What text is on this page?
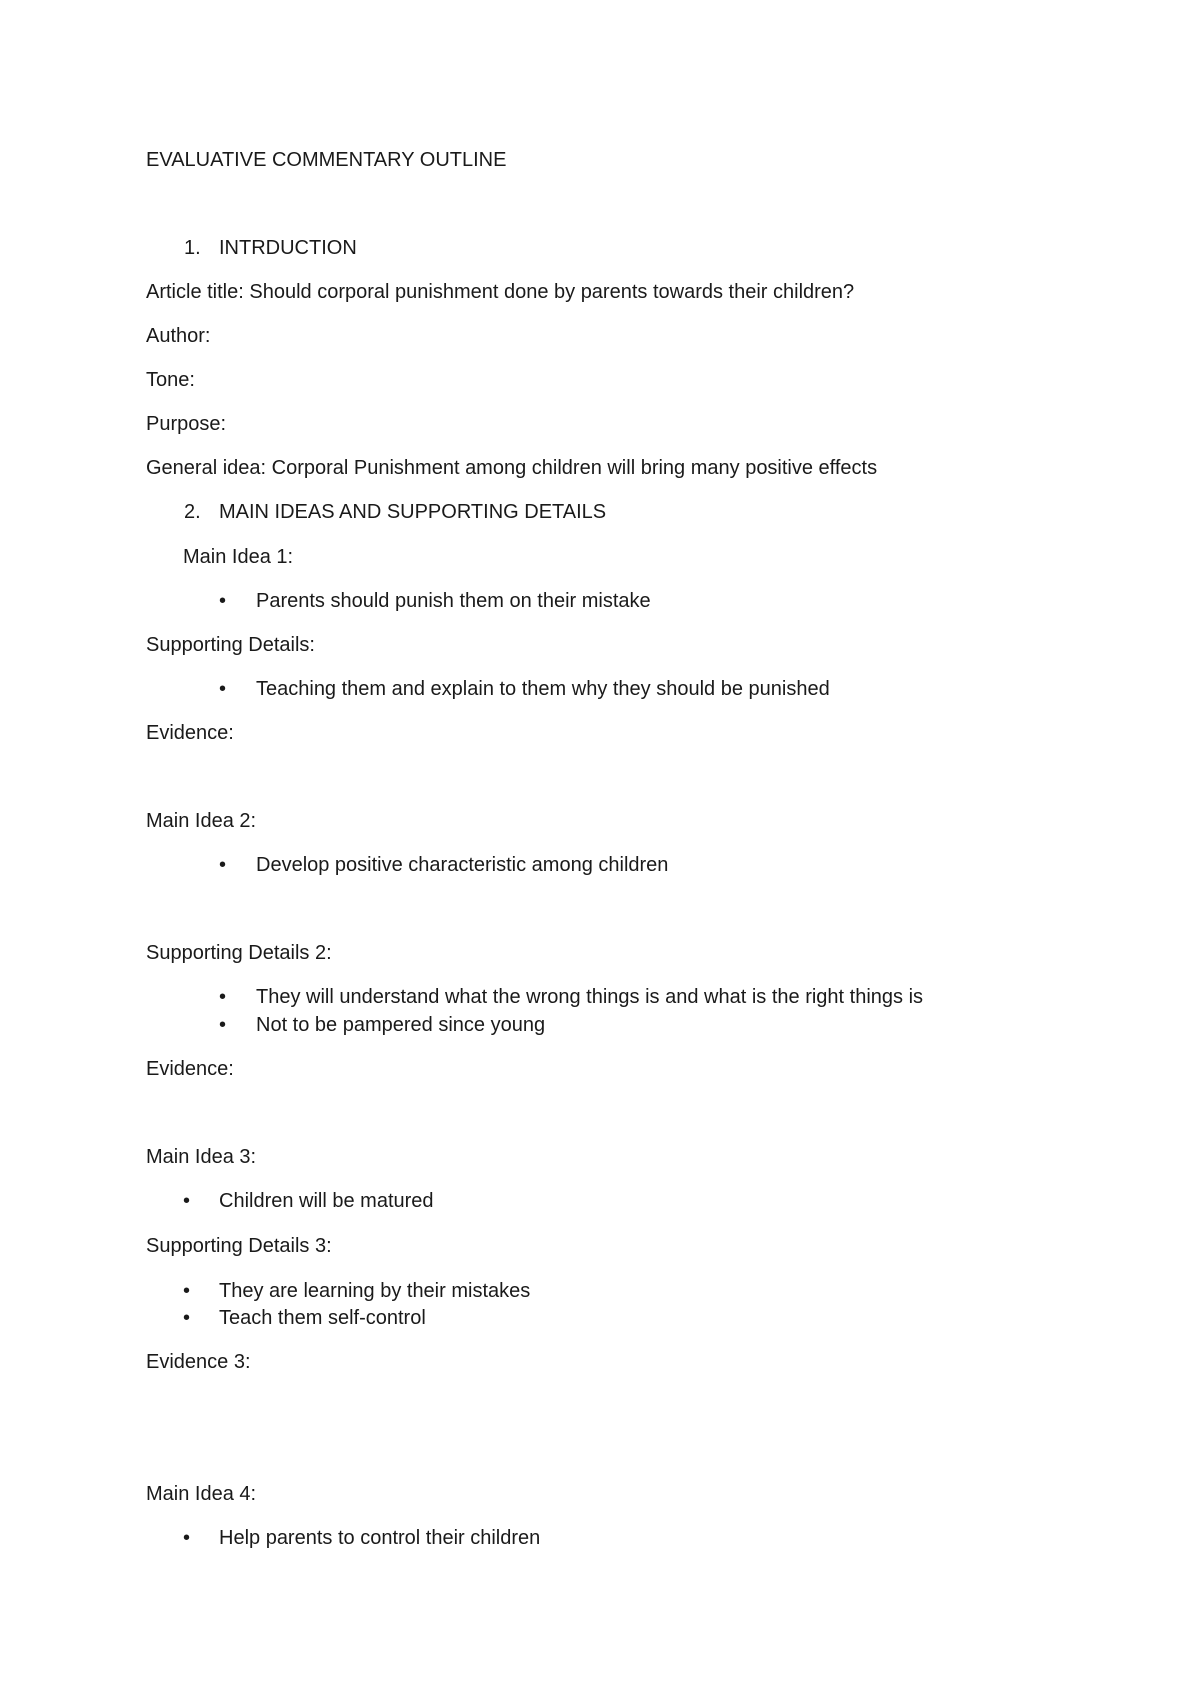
EVALUATIVE COMMENTARY OUTLINE

1. INTRDUCTION

Article title: Should corporal punishment done by parents towards their children?

Author:

Tone:

Purpose:

General idea: Corporal Punishment among children will bring many positive effects

2. MAIN IDEAS AND SUPPORTING DETAILS

Main Idea 1:

• Parents should punish them on their mistake

Supporting Details:

• Teaching them and explain to them why they should be punished

Evidence:

Main Idea 2:

• Develop positive characteristic among children

Supporting Details 2:

• They will understand what the wrong things is and what is the right things is

• Not to be pampered since young

Evidence:

Main Idea 3:

• Children will be matured

Supporting Details 3:

• They are learning by their mistakes

• Teach them self-control

Evidence 3:

Main Idea 4:

• Help parents to control their children
